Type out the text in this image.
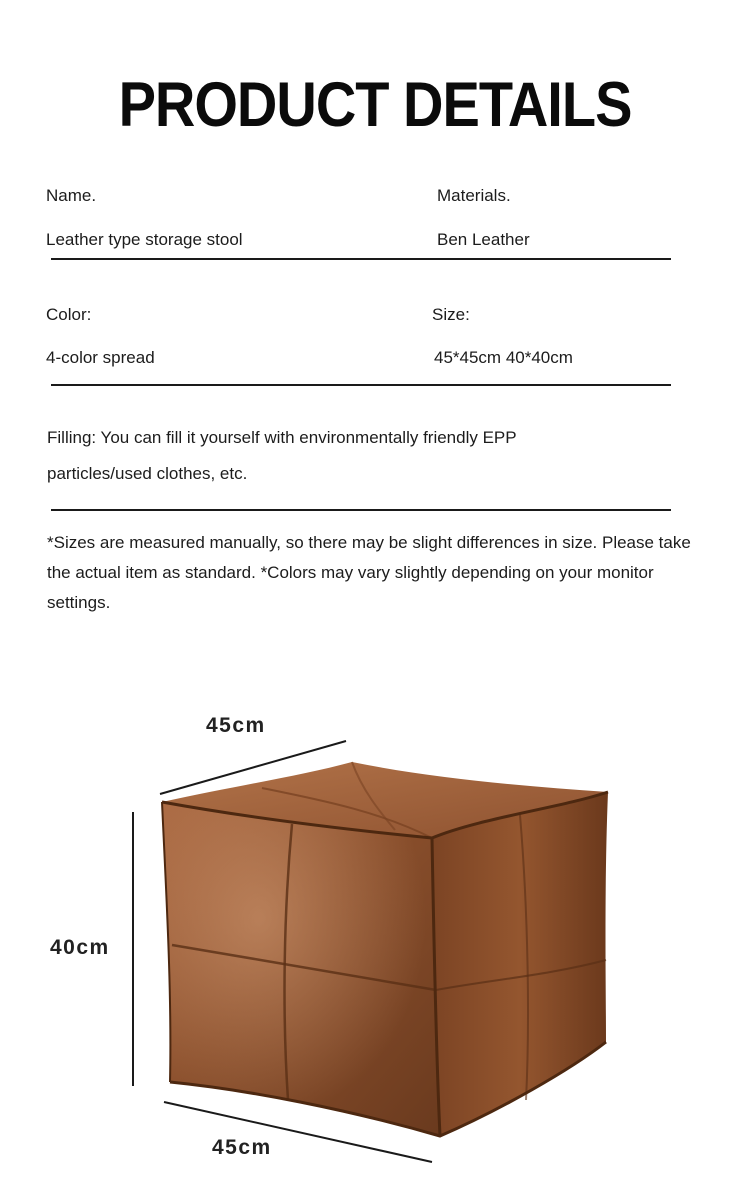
PRODUCT DETAILS
Name.	Materials.
Leather type storage stool	Ben Leather
Color:	Size:
4-color spread	45*45cm 40*40cm
Filling: You can fill it yourself with environmentally friendly EPP
particles/used clothes, etc.
*Sizes are measured manually, so there may be slight differences in size. Please take the actual item as standard. *Colors may vary slightly depending on your monitor settings.
45cm
40cm
45cm
